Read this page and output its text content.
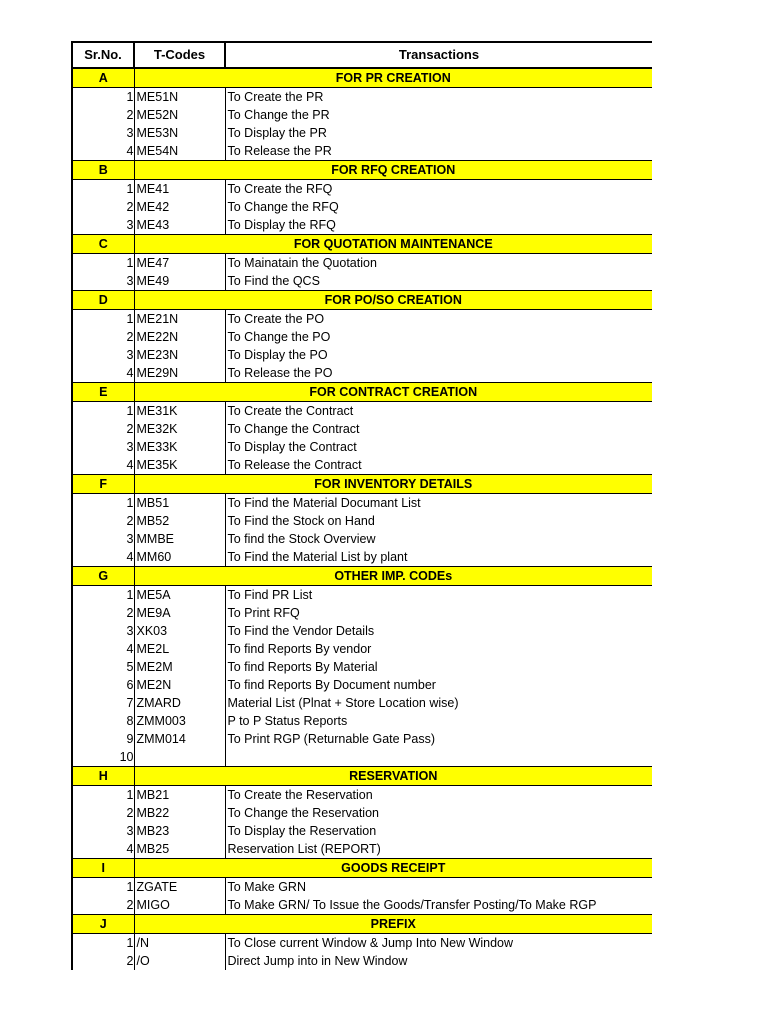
Sr.No.	T-Codes	Transactions
A	FOR PR CREATION	
1	ME51N	To Create the PR
2	ME52N	To Change the PR
3	ME53N	To Display the PR
4	ME54N	To Release the PR
B	FOR RFQ CREATION	
1	ME41	To Create the RFQ
2	ME42	To Change the RFQ
3	ME43	To Display the RFQ
C	FOR QUOTATION MAINTENANCE	
1	ME47	To Mainatain the Quotation
3	ME49	To Find the QCS
D	FOR PO/SO CREATION	
1	ME21N	To Create the PO
2	ME22N	To Change the PO
3	ME23N	To Display the PO
4	ME29N	To Release the PO
E	FOR CONTRACT CREATION	
1	ME31K	To Create the Contract
2	ME32K	To Change the Contract
3	ME33K	To Display the Contract
4	ME35K	To Release the Contract
F	FOR INVENTORY DETAILS	
1	MB51	To Find the Material Documant List
2	MB52	To Find the Stock on Hand
3	MMBE	To find the Stock Overview
4	MM60	To Find the Material List by plant
G	OTHER IMP. CODEs	
1	ME5A	To Find PR List
2	ME9A	To Print RFQ
3	XK03	To Find the Vendor Details
4	ME2L	To find Reports By vendor
5	ME2M	To find Reports By Material
6	ME2N	To find Reports By Document number
7	ZMARD	Material List (Plnat + Store Location wise)
8	ZMM003	P to P Status Reports
9	ZMM014	To Print RGP (Returnable Gate Pass)
10		
H	RESERVATION	
1	MB21	To Create the Reservation
2	MB22	To Change the Reservation
3	MB23	To Display the Reservation
4	MB25	Reservation List (REPORT)
I	GOODS RECEIPT	
1	ZGATE	To Make GRN
2	MIGO	To Make GRN/ To Issue the Goods/Transfer Posting/To Make RGP
J	PREFIX	
1	/N	To Close current Window & Jump Into New Window
2	/O	Direct Jump into in New Window
